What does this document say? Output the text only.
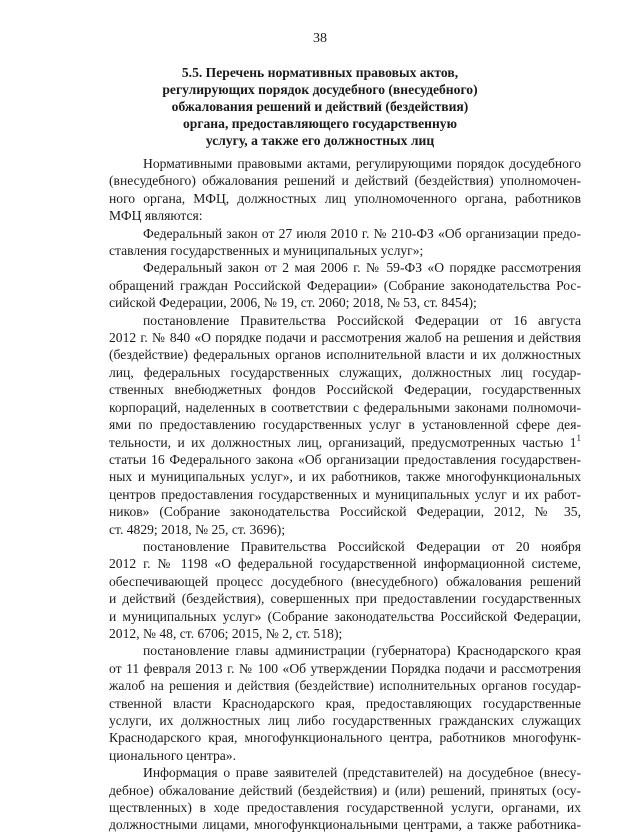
38
5.5. Перечень нормативных правовых актов,
регулирующих порядок досудебного (внесудебного)
обжалования решений и действий (бездействия)
органа, предоставляющего государственную
услугу, а также его должностных лиц
Нормативными правовыми актами, регулирующими порядок досудебного
(внесудебного) обжалования решений и действий (бездействия) уполномочен-
ного органа, МФЦ, должностных лиц уполномоченного органа, работников
МФЦ являются:
Федеральный закон от 27 июля 2010 г. № 210-ФЗ «Об организации предо-
ставления государственных и муниципальных услуг»;
Федеральный закон от 2 мая 2006 г. № 59-ФЗ «О порядке рассмотрения
обращений граждан Российской Федерации» (Собрание законодательства Рос-
сийской Федерации, 2006, № 19, ст. 2060; 2018, № 53, ст. 8454);
постановление Правительства Российской Федерации от 16 августа
2012 г. № 840 «О порядке подачи и рассмотрения жалоб на решения и действия
(бездействие) федеральных органов исполнительной власти и их должностных
лиц, федеральных государственных служащих, должностных лиц государ-
ственных внебюджетных фондов Российской Федерации, государственных
корпораций, наделенных в соответствии с федеральными законами полномочи-
ями по предоставлению государственных услуг в установленной сфере дея-
тельности, и их должностных лиц, организаций, предусмотренных частью $1^1$
статьи 16 Федерального закона «Об организации предоставления государствен-
ных и муниципальных услуг», и их работников, также многофункциональных
центров предоставления государственных и муниципальных услуг и их работ-
ников» (Собрание законодательства Российской Федерации, 2012, № 35,
ст. 4829; 2018, № 25, ст. 3696);
постановление Правительства Российской Федерации от 20 ноября
2012 г. № 1198 «О федеральной государственной информационной системе,
обеспечивающей процесс досудебного (внесудебного) обжалования решений
и действий (бездействия), совершенных при предоставлении государственных
и муниципальных услуг» (Собрание законодательства Российской Федерации,
2012, № 48, ст. 6706; 2015, № 2, ст. 518);
постановление главы администрации (губернатора) Краснодарского края
от 11 февраля 2013 г. № 100 «Об утверждении Порядка подачи и рассмотрения
жалоб на решения и действия (бездействие) исполнительных органов государ-
ственной власти Краснодарского края, предоставляющих государственные
услуги, их должностных лиц либо государственных гражданских служащих
Краснодарского края, многофункционального центра, работников многофунк-
ционального центра».
Информация о праве заявителей (представителей) на досудебное (внесу-
дебное) обжалование действий (бездействия) и (или) решений, принятых (осу-
ществленных) в ходе предоставления государственной услуги, органами, их
должностными лицами, многофункциональными центрами, а также работника-
